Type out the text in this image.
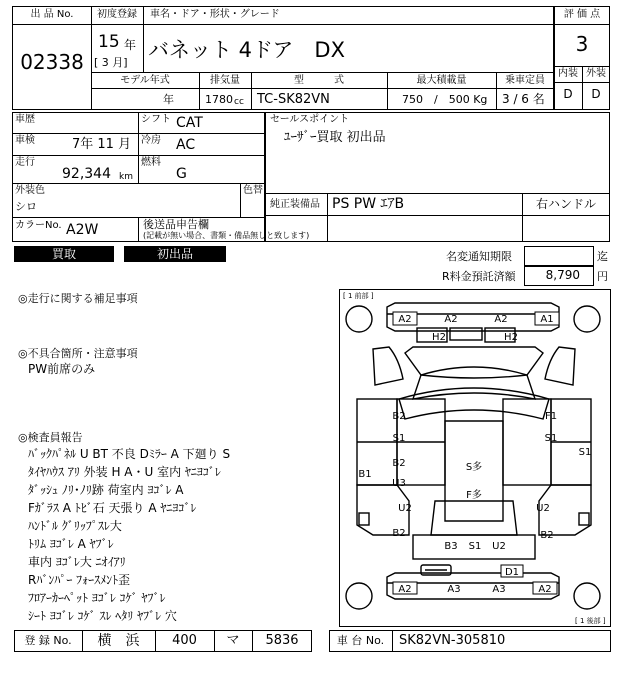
出 品 No.
02338
初度登録	車名・ドア・形状・グレード
15 年
[ 3 月]
バネット 4ドア　DX
評 価 点
3
内装 外装
D	D
モデル年式	排気量	型　　　式	最大積載量	乗車定員
年	1780 cc TC-SK82VN	750　/　500 Kg 3 / 6 名
車歴	シフト CAT
車検	7年 11 月 冷房 AC
走行
92,344 km
燃料
G
外装色
シロ
色替
カラーNo. A2W	後送品申告欄
(記載が無い場合、書類・備品無しと致します)
セールスポイント
ﾕｰｻﾞｰ買取 初出品
純正装備品 PS PW ｴｱB	右ハンドル
買取	初出品	名変通知期限	迄
R料金預託済額	8,790 円
◎走行に関する補足事項
◎不具合箇所・注意事項
PW前席のみ
◎検査員報告
ﾊﾞｯｸﾊﾟﾈﾙ U BT 不良 Dﾐﾗｰ A 下廻り S
ﾀｲﾔﾊｳｽ ｱﾘ 外装 H A・U 室内 ﾔﾆﾖｺﾞﾚ
ﾀﾞｯｼｭ ﾉﾘ･ﾉﾘ跡 荷室内 ﾖｺﾞﾚ A
Fｶﾞﾗｽ A ﾄﾋﾞ石 天張り A ﾔﾆﾖｺﾞﾚ
ﾊﾝﾄﾞﾙ ｸﾞﾘｯﾌﾟｽﾚ大
ﾄﾘﾑ ﾖｺﾞﾚ A ﾔﾌﾞﾚ
車内 ﾖｺﾞﾚ大 ﾆｵｲｱﾘ
Rﾊﾞﾝﾊﾟｰ ﾌｫｰｽﾒﾝﾄ歪
ﾌﾛｱｰｶｰﾍﾟｯﾄ ﾖｺﾞﾚ ｺｹﾞ ﾔﾌﾞﾚ
ｼｰﾄ ﾖｺﾞﾚ ｺｹﾞ ｽﾚ ﾍﾀﾘ ﾔﾌﾞﾚ 穴
[ 1 前部 ]
[ 1 後部 ]
A2	A2	A2	A1
H2	H2
B2
S1
F1
S1
S1
B1
B2
U3
S多
F多
U2
B2
U2
B2
B3 S1 U2
D1
A2	A3	A3	A2
登 録 No.	横　浜	400	マ	5836	車 台 No.	SK82VN-305810
